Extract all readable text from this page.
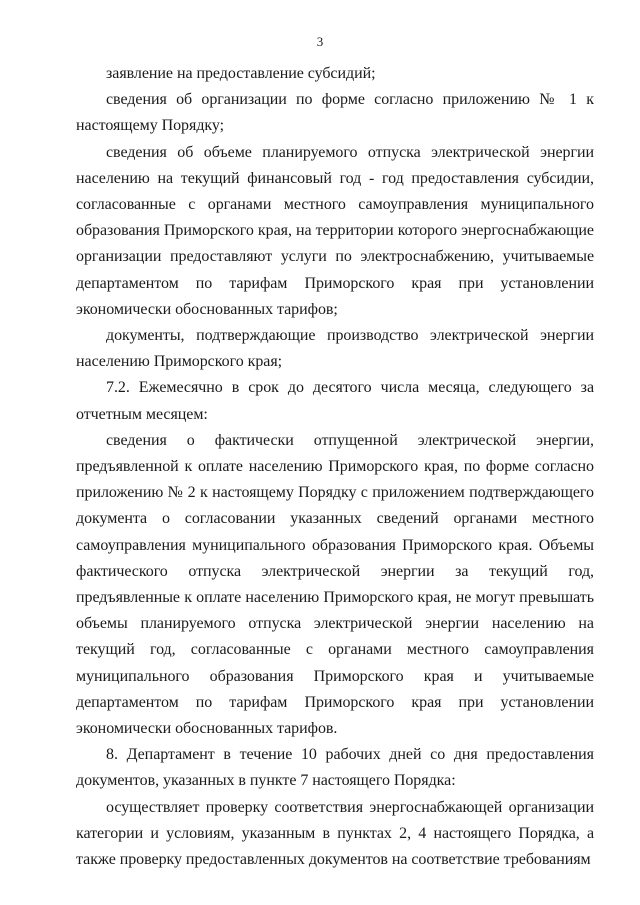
3

заявление на предоставление субсидий;

сведения об организации по форме согласно приложению № 1 к настоящему Порядку;

сведения об объеме планируемого отпуска электрической энергии населению на текущий финансовый год - год предоставления субсидии, согласованные с органами местного самоуправления муниципального образования Приморского края, на территории которого энергоснабжающие организации предоставляют услуги по электроснабжению, учитываемые департаментом по тарифам Приморского края при установлении экономически обоснованных тарифов;

документы, подтверждающие производство электрической энергии населению Приморского края;

7.2. Ежемесячно в срок до десятого числа месяца, следующего за отчетным месяцем:

сведения о фактически отпущенной электрической энергии, предъявленной к оплате населению Приморского края, по форме согласно приложению № 2 к настоящему Порядку с приложением подтверждающего документа о согласовании указанных сведений органами местного самоуправления муниципального образования Приморского края. Объемы фактического отпуска электрической энергии за текущий год, предъявленные к оплате населению Приморского края, не могут превышать объемы планируемого отпуска электрической энергии населению на текущий год, согласованные с органами местного самоуправления муниципального образования Приморского края и учитываемые департаментом по тарифам Приморского края при установлении экономически обоснованных тарифов.

8. Департамент в течение 10 рабочих дней со дня предоставления документов, указанных в пункте 7 настоящего Порядка:

осуществляет проверку соответствия энергоснабжающей организации категории и условиям, указанным в пунктах 2, 4 настоящего Порядка, а также проверку предоставленных документов на соответствие требованиям
